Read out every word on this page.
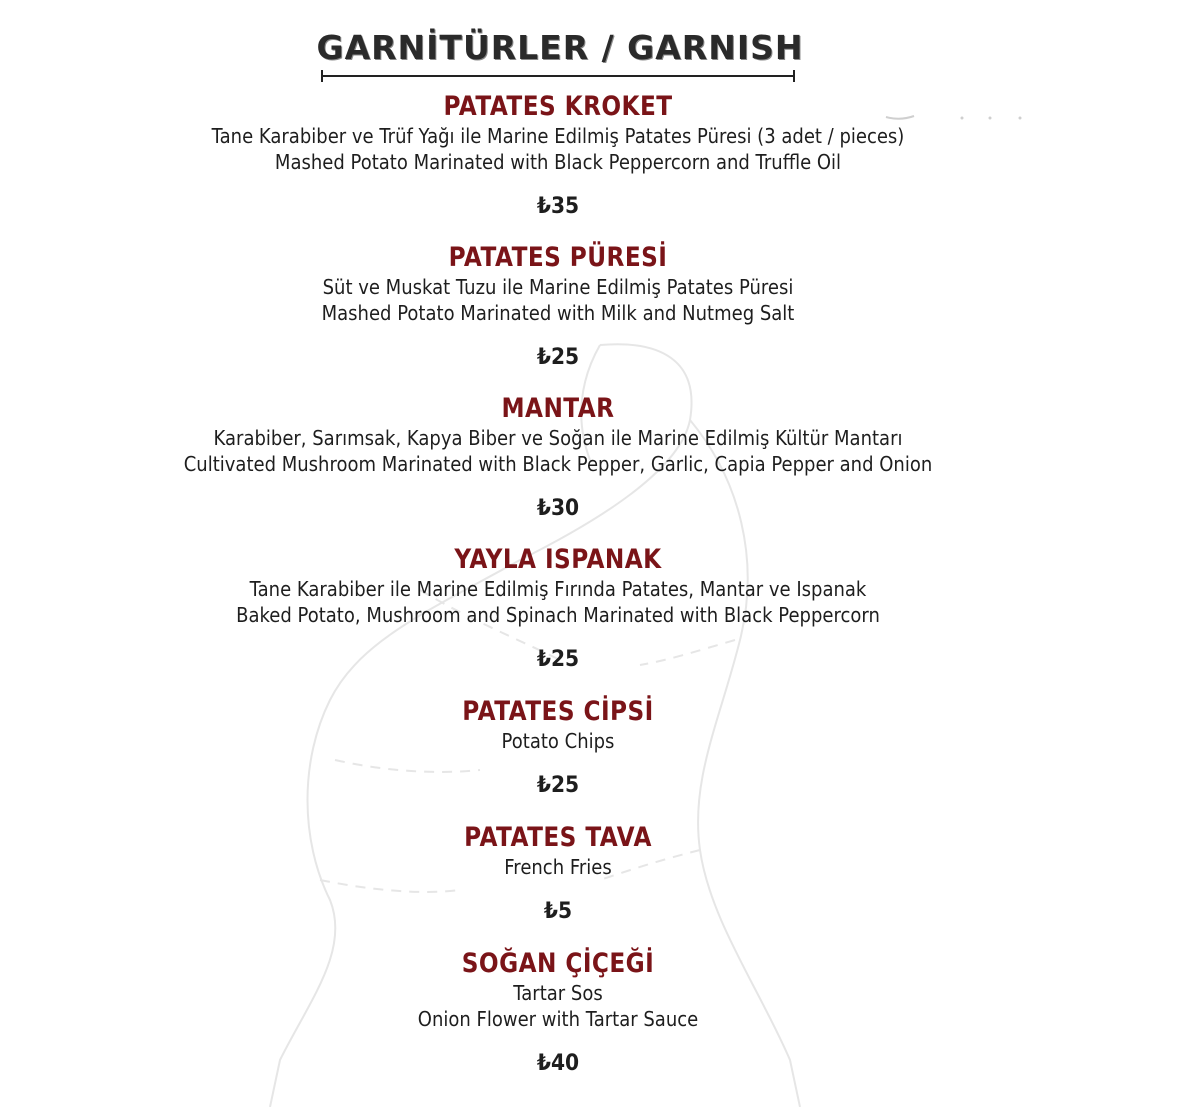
GARNİTÜRLER / GARNISH
PATATES KROKET
Tane Karabiber ve Trüf Yağı ile Marine Edilmiş Patates Püresi (3 adet / pieces)
Mashed Potato Marinated with Black Peppercorn and Truffle Oil
₺35
PATATES PÜRESİ
Süt ve Muskat Tuzu ile Marine Edilmiş Patates Püresi
Mashed Potato Marinated with Milk and Nutmeg Salt
₺25
MANTAR
Karabiber, Sarımsak, Kapya Biber ve Soğan ile Marine Edilmiş Kültür Mantarı
Cultivated Mushroom Marinated with Black Pepper, Garlic, Capia Pepper and Onion
₺30
YAYLA ISPANAK
Tane Karabiber ile Marine Edilmiş Fırında Patates, Mantar ve Ispanak
Baked Potato, Mushroom and Spinach Marinated with Black Peppercorn
₺25
PATATES CİPSİ
Potato Chips
₺25
PATATES TAVA
French Fries
₺5
SOĞAN ÇİÇEĞİ
Tartar Sos
Onion Flower with Tartar Sauce
₺40
